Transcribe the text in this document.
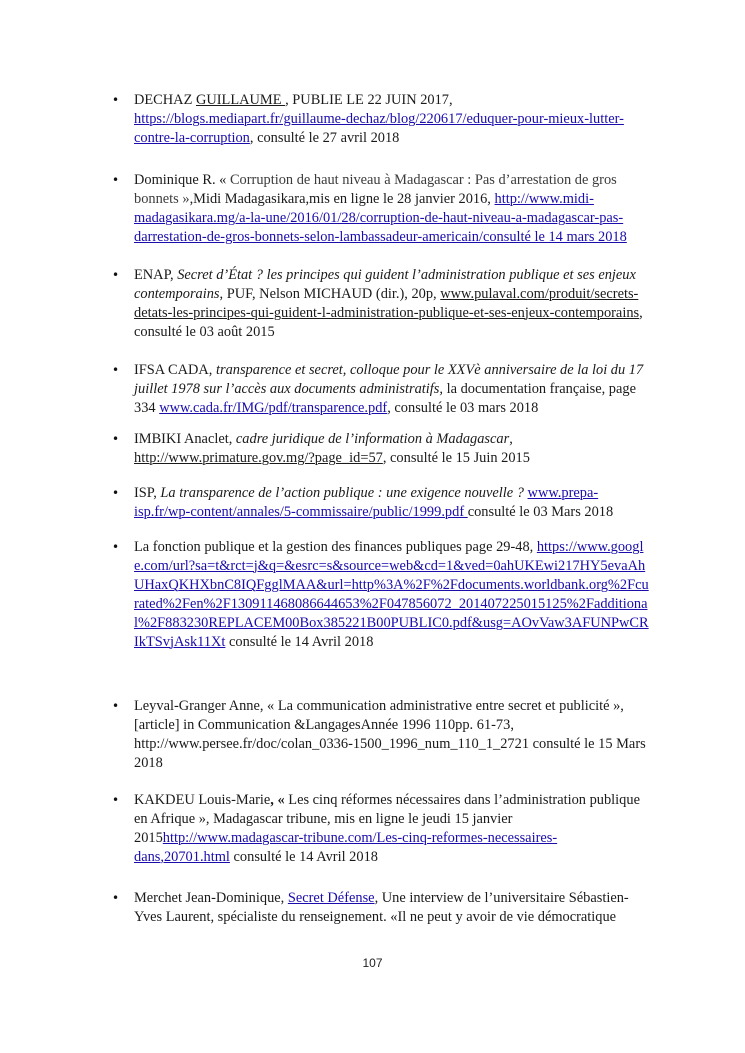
• DECHAZ GUILLAUME , PUBLIE LE 22 JUIN 2017, https://blogs.mediapart.fr/guillaume-dechaz/blog/220617/eduquer-pour-mieux-lutter-contre-la-corruption, consulté le 27 avril 2018
• Dominique R. « Corruption de haut niveau à Madagascar : Pas d’arrestation de gros bonnets »,Midi Madagasikara,mis en ligne le 28 janvier 2016, http://www.midi-madagasikara.mg/a-la-une/2016/01/28/corruption-de-haut-niveau-a-madagascar-pas-darrestation-de-gros-bonnets-selon-lambassadeur-americain/consulté le 14 mars 2018
• ENAP, Secret d’État ? les principes qui guident l’administration publique et ses enjeux contemporains, PUF, Nelson MICHAUD (dir.), 20p, www.pulaval.com/produit/secrets-detats-les-principes-qui-guident-l-administration-publique-et-ses-enjeux-contemporains, consulté le 03 août 2015
• IFSA CADA, transparence et secret, colloque pour le XXVè anniversaire de la loi du 17 juillet 1978 sur l’accès aux documents administratifs, la documentation française, page 334 www.cada.fr/IMG/pdf/transparence.pdf, consulté le 03 mars 2018
• IMBIKI Anaclet, cadre juridique de l’information à Madagascar, http://www.primature.gov.mg/?page_id=57, consulté le 15 Juin 2015
• ISP, La transparence de l’action publique : une exigence nouvelle ? www.prepa-isp.fr/wp-content/annales/5-commissaire/public/1999.pdf consulté le 03 Mars 2018
• La fonction publique et la gestion des finances publiques page 29-48, https://www.google.com/url?sa=t&rct=j&q=&esrc=s&source=web&cd=1&ved=0ahUKEwi217HY5evaAhUHaxQKHXbnC8IQFgglMAA&url=http%3A%2F%2Fdocuments.worldbank.org%2Fcurated%2Fen%2F130911468086644653%2F047856072_201407225015125%2Fadditional%2F883230REPLACEM00Box385221B00PUBLIC0.pdf&usg=AOvVaw3AFUNPwCRIkTSvjAsk11Xt consulté le 14 Avril 2018
• Leyval-Granger Anne, « La communication administrative entre secret et publicité », [article] in Communication &LangagesAnnée 1996 110pp. 61-73, http://www.persee.fr/doc/colan_0336-1500_1996_num_110_1_2721 consulté le 15 Mars 2018
• KAKDEU Louis-Marie, « Les cinq réformes nécessaires dans l’administration publique en Afrique », Madagascar tribune, mis en ligne le jeudi 15 janvier 2015http://www.madagascar-tribune.com/Les-cinq-reformes-necessaires-dans,20701.html consulté le 14 Avril 2018
• Merchet Jean-Dominique, Secret Défense, Une interview de l’universitaire Sébastien-Yves Laurent, spécialiste du renseignement. «Il ne peut y avoir de vie démocratique
107
